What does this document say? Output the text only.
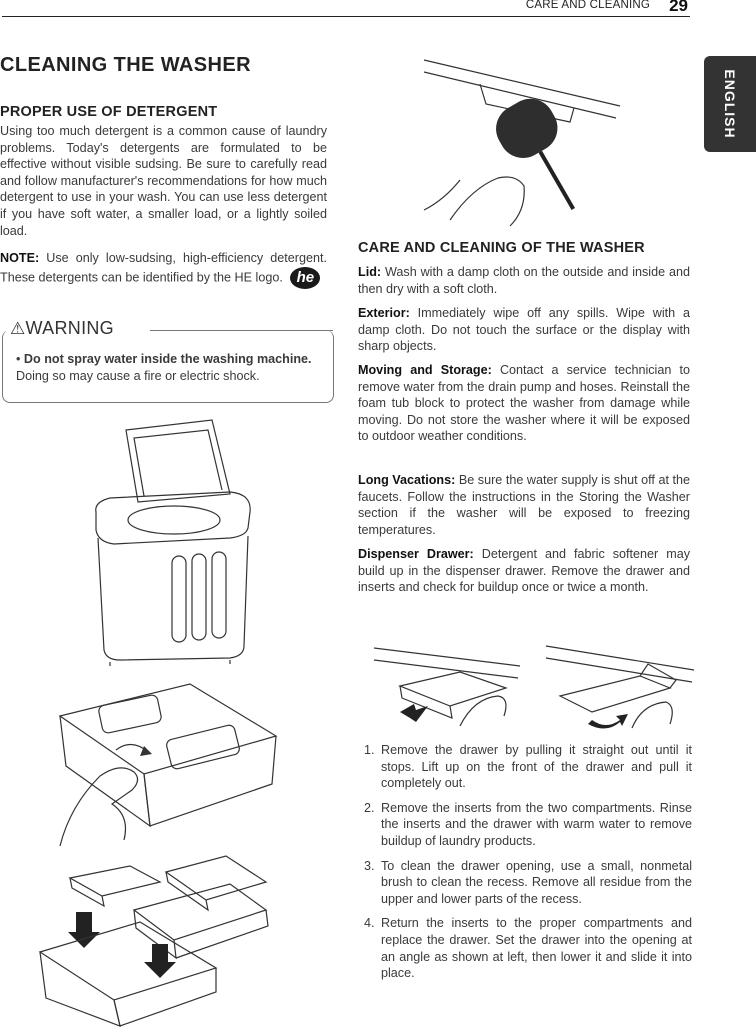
CARE AND CLEANING 29
ENGLISH
CLEANING THE WASHER
PROPER USE OF DETERGENT

Using too much detergent is a common cause of laundry problems. Today's detergents are formulated to be effective without visible sudsing. Be sure to carefully read and follow manufacturer's recommendations for how much detergent to use in your wash. You can use less detergent if you have soft water, a smaller load, or a lightly soiled load.

NOTE: Use only low-sudsing, high-efficiency detergent. These detergents can be identified by the HE logo. he

⚠WARNING
• Do not spray water inside the washing machine. Doing so may cause a fire or electric shock.
CARE AND CLEANING OF THE WASHER

Lid: Wash with a damp cloth on the outside and inside and then dry with a soft cloth.

Exterior: Immediately wipe off any spills. Wipe with a damp cloth. Do not touch the surface or the display with sharp objects.

Moving and Storage: Contact a service technician to remove water from the drain pump and hoses. Reinstall the foam tub block to protect the washer from damage while moving. Do not store the washer where it will be exposed to outdoor weather conditions.

Long Vacations: Be sure the water supply is shut off at the faucets. Follow the instructions in the Storing the Washer section if the washer will be exposed to freezing temperatures.

Dispenser Drawer: Detergent and fabric softener may build up in the dispenser drawer. Remove the drawer and inserts and check for buildup once or twice a month.

1. Remove the drawer by pulling it straight out until it stops. Lift up on the front of the drawer and pull it completely out.
2. Remove the inserts from the two compartments. Rinse the inserts and the drawer with warm water to remove buildup of laundry products.
3. To clean the drawer opening, use a small, nonmetal brush to clean the recess. Remove all residue from the upper and lower parts of the recess.
4. Return the inserts to the proper compartments and replace the drawer. Set the drawer into the opening at an angle as shown at left, then lower it and slide it into place.
